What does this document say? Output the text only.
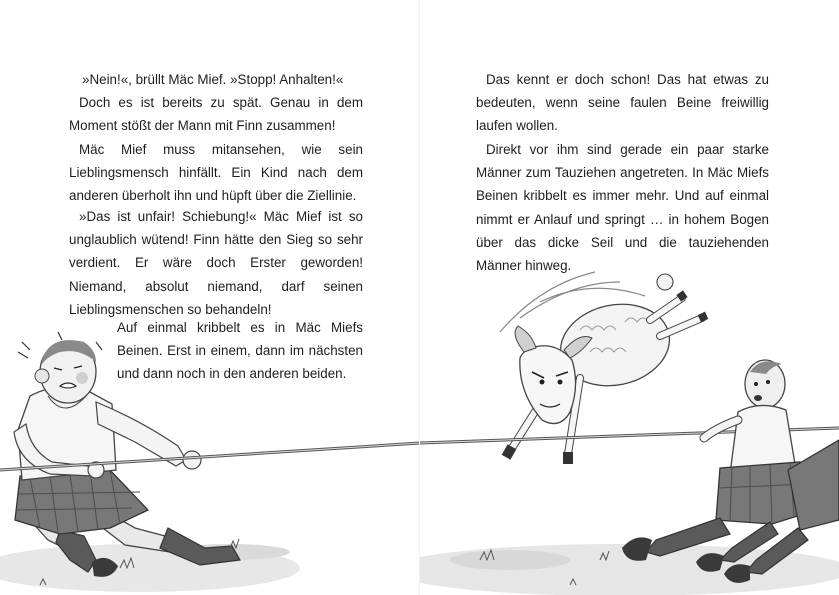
»Nein!«, brüllt Mäc Mief. »Stopp! Anhalten!«

Doch es ist bereits zu spät. Genau in dem Moment stößt der Mann mit Finn zusammen!

Mäc Mief muss mitansehen, wie sein Lieblingsmensch hinfällt. Ein Kind nach dem anderen überholt ihn und hüpft über die Ziellinie.

»Das ist unfair! Schiebung!« Mäc Mief ist so unglaublich wütend! Finn hätte den Sieg so sehr verdient. Er wäre doch Erster geworden! Niemand, absolut niemand, darf seinen Lieblingsmenschen so behandeln!

Auf einmal kribbelt es in Mäc Miefs Beinen. Erst in einem, dann im nächsten und dann noch in den anderen beiden.

Das kennt er doch schon! Das hat etwas zu bedeuten, wenn seine faulen Beine freiwillig laufen wollen.

Direkt vor ihm sind gerade ein paar starke Männer zum Tauziehen angetreten. In Mäc Miefs Beinen kribbelt es immer mehr. Und auf einmal nimmt er Anlauf und springt … in hohem Bogen über das dicke Seil und die tauziehenden Männer hinweg.
